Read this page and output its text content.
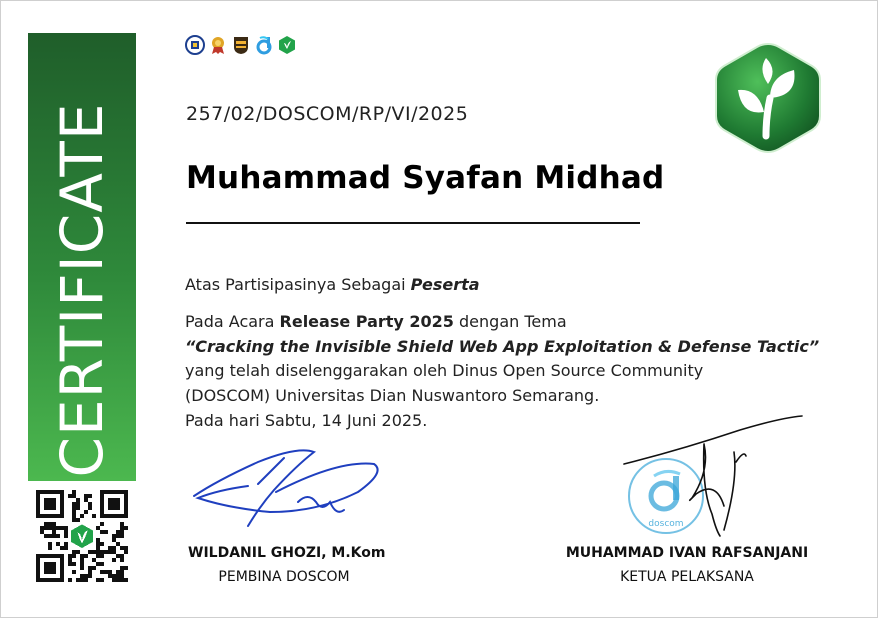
CERTIFICATE	257/02/DOSCOM/RP/VI/2025
Muhammad Syafan Midhad
Atas Partisipasinya Sebagai Peserta
Pada Acara Release Party 2025 dengan Tema
“Cracking the Invisible Shield Web App Exploitation & Defense Tactic”
yang telah diselenggarakan oleh Dinus Open Source Community
(DOSCOM) Universitas Dian Nuswantoro Semarang.
Pada hari Sabtu, 14 Juni 2025.
doscom
WILDANIL GHOZI, M.Kom
PEMBINA DOSCOM
MUHAMMAD IVAN RAFSANJANI
KETUA PELAKSANA
